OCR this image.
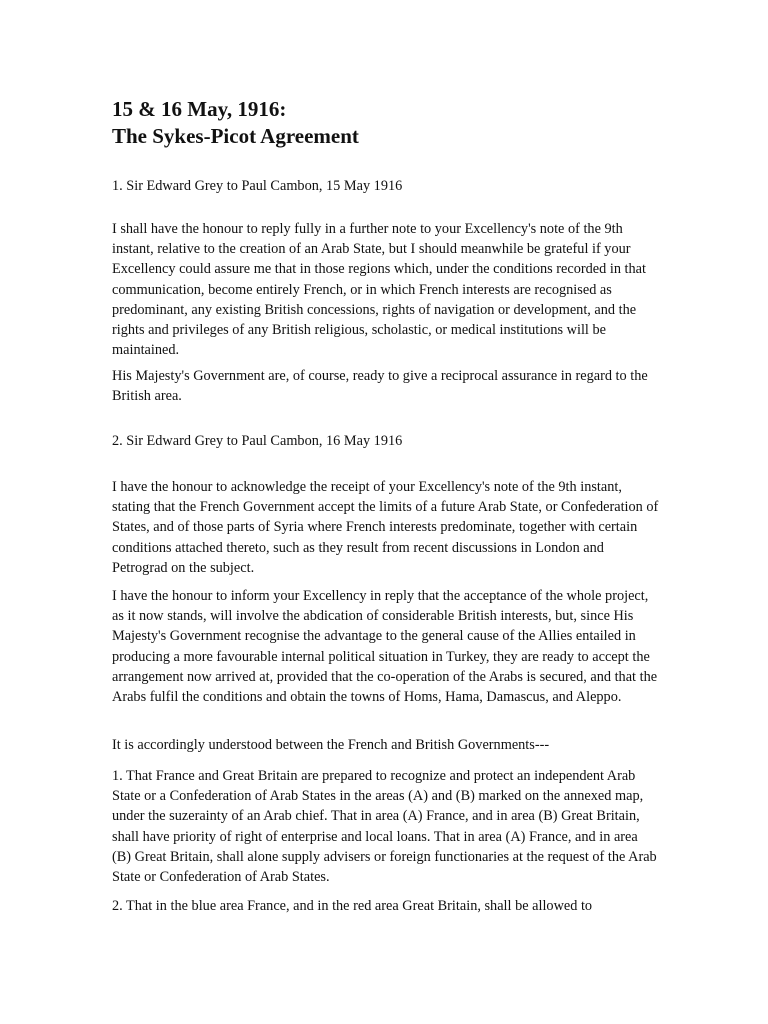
15 & 16 May, 1916:
The Sykes-Picot Agreement

1. Sir Edward Grey to Paul Cambon, 15 May 1916

I shall have the honour to reply fully in a further note to your Excellency's note of the 9th instant, relative to the creation of an Arab State, but I should meanwhile be grateful if your Excellency could assure me that in those regions which, under the conditions recorded in that communication, become entirely French, or in which French interests are recognised as predominant, any existing British concessions, rights of navigation or development, and the rights and privileges of any British religious, scholastic, or medical institutions will be maintained.

His Majesty's Government are, of course, ready to give a reciprocal assurance in regard to the British area.

2. Sir Edward Grey to Paul Cambon, 16 May 1916

I have the honour to acknowledge the receipt of your Excellency's note of the 9th instant, stating that the French Government accept the limits of a future Arab State, or Confederation of States, and of those parts of Syria where French interests predominate, together with certain conditions attached thereto, such as they result from recent discussions in London and Petrograd on the subject.

I have the honour to inform your Excellency in reply that the acceptance of the whole project, as it now stands, will involve the abdication of considerable British interests, but, since His Majesty's Government recognise the advantage to the general cause of the Allies entailed in producing a more favourable internal political situation in Turkey, they are ready to accept the arrangement now arrived at, provided that the co-operation of the Arabs is secured, and that the Arabs fulfil the conditions and obtain the towns of Homs, Hama, Damascus, and Aleppo.

It is accordingly understood between the French and British Governments---

1. That France and Great Britain are prepared to recognize and protect an independent Arab State or a Confederation of Arab States in the areas (A) and (B) marked on the annexed map, under the suzerainty of an Arab chief. That in area (A) France, and in area (B) Great Britain, shall have priority of right of enterprise and local loans. That in area (A) France, and in area (B) Great Britain, shall alone supply advisers or foreign functionaries at the request of the Arab State or Confederation of Arab States.

2. That in the blue area France, and in the red area Great Britain, shall be allowed to
